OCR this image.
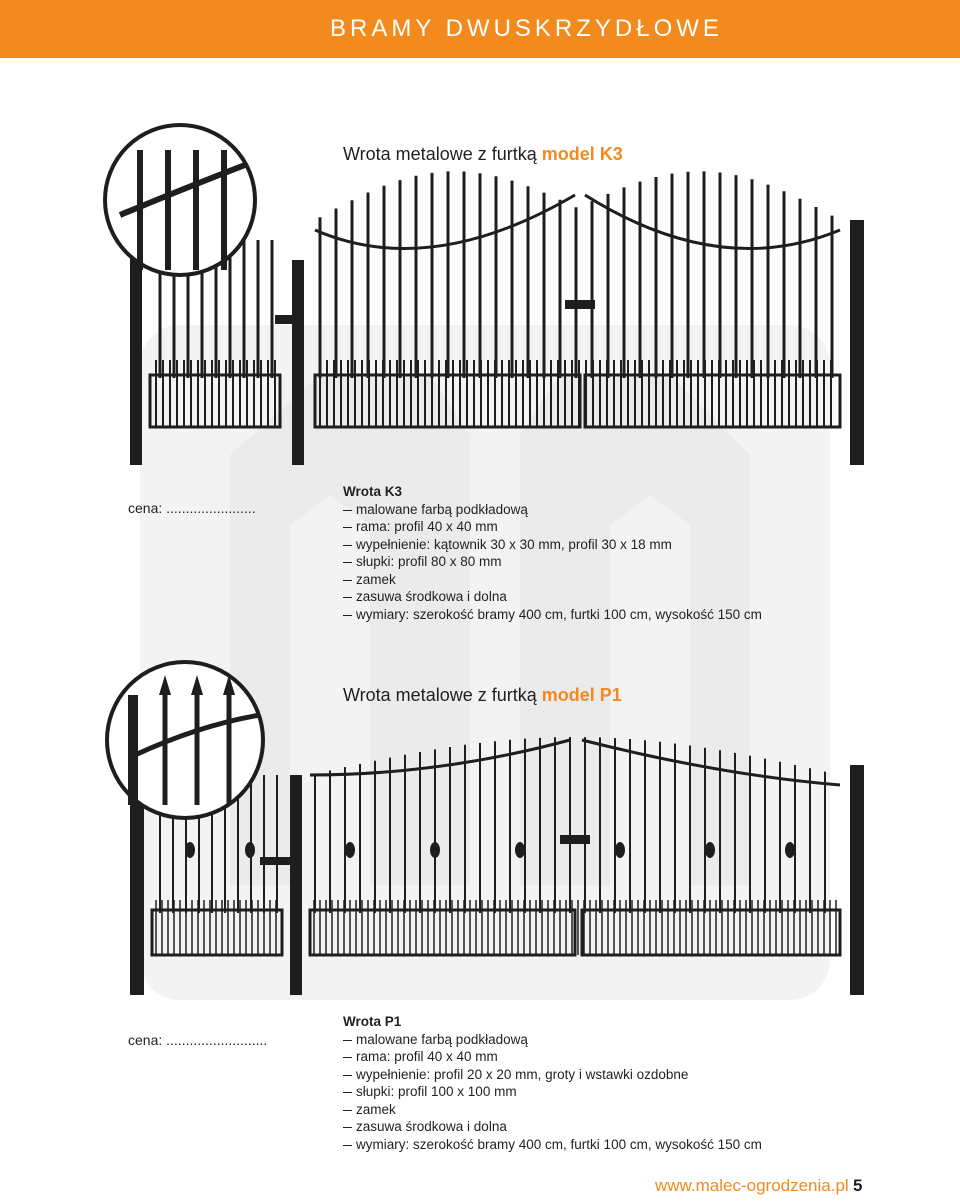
BRAMY DWUSKRZYDŁOWE
Wrota metalowe z furtką model K3
cena: .......................
Wrota K3
malowane farbą podkładową
rama: profil 40 x 40 mm
wypełnienie: kątownik 30 x 30 mm, profil 30 x 18 mm
słupki: profil 80 x 80 mm
zamek
zasuwa środkowa i dolna
wymiary: szerokość bramy 400 cm, furtki 100 cm, wysokość 150 cm
Wrota metalowe z furtką model P1
cena: ..........................
Wrota P1
malowane farbą podkładową
rama: profil 40 x 40 mm
wypełnienie: profil 20 x 20 mm, groty i wstawki ozdobne
słupki: profil 100 x 100 mm
zamek
zasuwa środkowa i dolna
wymiary: szerokość bramy 400 cm, furtki 100 cm, wysokość 150 cm
www.malec-ogrodzenia.pl 5
